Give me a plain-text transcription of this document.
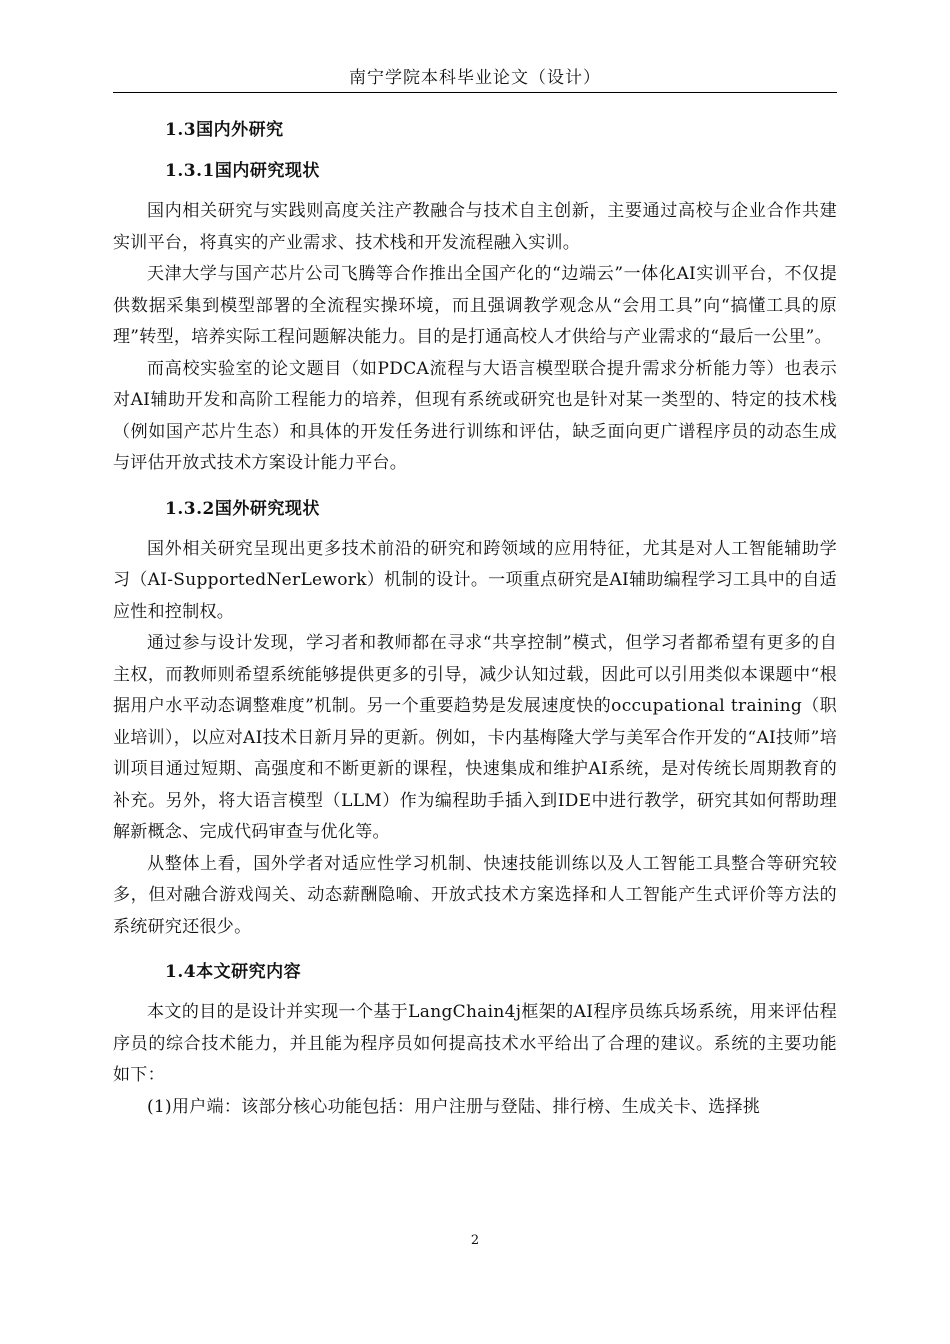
南宁学院本科毕业论文（设计）
1.3国内外研究
1.3.1国内研究现状

国内相关研究与实践则高度关注产教融合与技术自主创新，主要通过高校与企业合作共建实训平台，将真实的产业需求、技术栈和开发流程融入实训。

天津大学与国产芯片公司飞腾等合作推出全国产化的“边端云”一体化AI实训平台，不仅提供数据采集到模型部署的全流程实操环境，而且强调教学观念从“会用工具”向“搞懂工具的原理”转型，培养实际工程问题解决能力。目的是打通高校人才供给与产业需求的“最后一公里”。

而高校实验室的论文题目（如PDCA流程与大语言模型联合提升需求分析能力等）也表示对AI辅助开发和高阶工程能力的培养，但现有系统或研究也是针对某一类型的、特定的技术栈（例如国产芯片生态）和具体的开发任务进行训练和评估，缺乏面向更广谱程序员的动态生成与评估开放式技术方案设计能力平台。

1.3.2国外研究现状

国外相关研究呈现出更多技术前沿的研究和跨领域的应用特征，尤其是对人工智能辅助学习（AI-SupportedNerLework）机制的设计。一项重点研究是AI辅助编程学习工具中的自适应性和控制权。

通过参与设计发现，学习者和教师都在寻求“共享控制”模式，但学习者都希望有更多的自主权，而教师则希望系统能够提供更多的引导，减少认知过载，因此可以引用类似本课题中“根据用户水平动态调整难度”机制。另一个重要趋势是发展速度快的occupational training（职业培训），以应对AI技术日新月异的更新。例如，卡内基梅隆大学与美军合作开发的“AI技师”培训项目通过短期、高强度和不断更新的课程，快速集成和维护AI系统，是对传统长周期教育的补充。另外，将大语言模型（LLM）作为编程助手插入到IDE中进行教学，研究其如何帮助理解新概念、完成代码审查与优化等。

从整体上看，国外学者对适应性学习机制、快速技能训练以及人工智能工具整合等研究较多，但对融合游戏闯关、动态薪酬隐喻、开放式技术方案选择和人工智能产生式评价等方法的系统研究还很少。

1.4本文研究内容

本文的目的是设计并实现一个基于LangChain4j框架的AI程序员练兵场系统，用来评估程序员的综合技术能力，并且能为程序员如何提高技术水平给出了合理的建议。系统的主要功能如下：

(1)用户端：该部分核心功能包括：用户注册与登陆、排行榜、生成关卡、选择挑

2
